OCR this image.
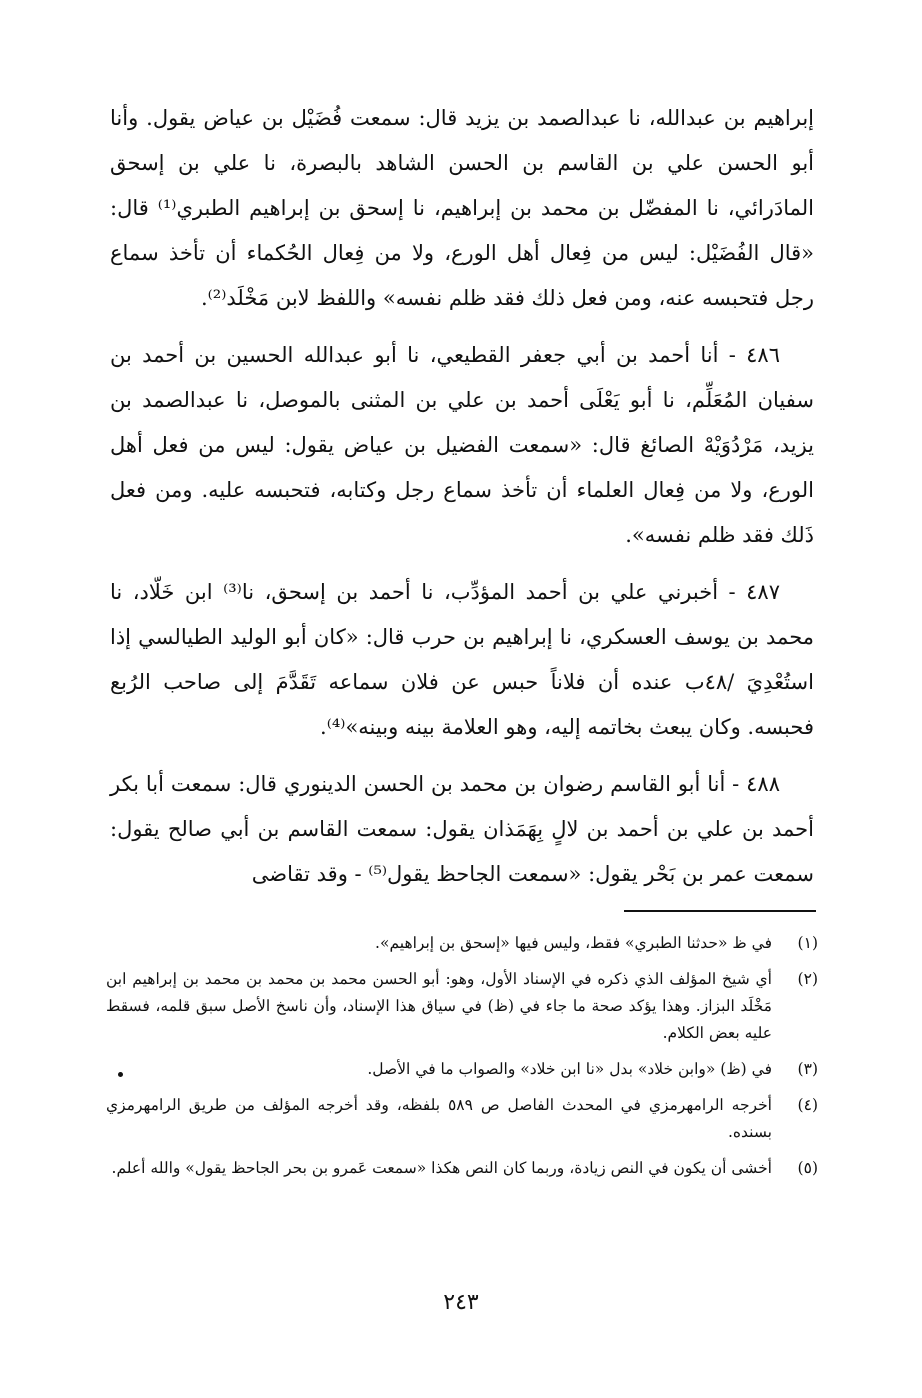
إبراهيم بن عبدالله، نا عبدالصمد بن يزيد قال: سمعت فُضَيْل بن عياض يقول. وأنا أبو الحسن علي بن القاسم بن الحسن الشاهد بالبصرة، نا علي بن إسحق المادَرائي، نا المفضّل بن محمد بن إبراهيم، نا إسحق بن إبراهيم الطبري⁽¹⁾ قال: «قال الفُضَيْل: ليس من فِعال أهل الورع، ولا من فِعال الحُكماء أن تأخذ سماع رجل فتحبسه عنه، ومن فعل ذلك فقد ظلم نفسه» واللفظ لابن مَخْلَد⁽²⁾.

٤٨٦ - أنا أحمد بن أبي جعفر القطيعي، نا أبو عبدالله الحسين بن أحمد بن سفيان المُعَلِّم، نا أبو يَعْلَى أحمد بن علي بن المثنى بالموصل، نا عبدالصمد بن يزيد، مَرْدُوَيْهْ الصائغ قال: «سمعت الفضيل بن عياض يقول: ليس من فعل أهل الورع، ولا من فِعال العلماء أن تأخذ سماع رجل وكتابه، فتحبسه عليه. ومن فعل ذَلك فقد ظلم نفسه».

٤٨٧ - أخبرني علي بن أحمد المؤدِّب، نا أحمد بن إسحق، نا⁽³⁾ ابن خَلّاد، نا محمد بن يوسف العسكري، نا إبراهيم بن حرب قال: «كان أبو الوليد الطيالسي إذا استُعْدِيَ /٤٨ب عنده أن فلاناً حبس عن فلان سماعه تَقَدَّمَ إلى صاحب الرُبع فحبسه. وكان يبعث بخاتمه إليه، وهو العلامة بينه وبينه»⁽⁴⁾.

٤٨٨ - أنا أبو القاسم رضوان بن محمد بن الحسن الدينوري قال: سمعت أبا بكر أحمد بن علي بن أحمد بن لالٍ بِهَمَذان يقول: سمعت القاسم بن أبي صالح يقول: سمعت عمر بن بَحْر يقول: «سمعت الجاحظ يقول⁽⁵⁾ - وقد تقاضى

(١)
في ظ «حدثنا الطبري» فقط، وليس فيها «إسحق بن إبراهيم».
(٢)
أي شيخ المؤلف الذي ذكره في الإسناد الأول، وهو: أبو الحسن محمد بن محمد بن محمد بن إبراهيم ابن مَخْلَد البزاز. وهذا يؤكد صحة ما جاء في (ظ) في سياق هذا الإسناد، وأن ناسخ الأصل سبق قلمه، فسقط عليه بعض الكلام.
(٣)
في (ظ) «وابن خلاد» بدل «نا ابن خلاد» والصواب ما في الأصل.
(٤)
أخرجه الرامهرمزي في المحدث الفاصل ص ٥٨٩ بلفظه، وقد أخرجه المؤلف من طريق الرامهرمزي بسنده.
(٥)
أخشى أن يكون في النص زيادة، وربما كان النص هكذا «سمعت عَمرو بن بحر الجاحظ يقول» والله أعلم.
٢٤٣
